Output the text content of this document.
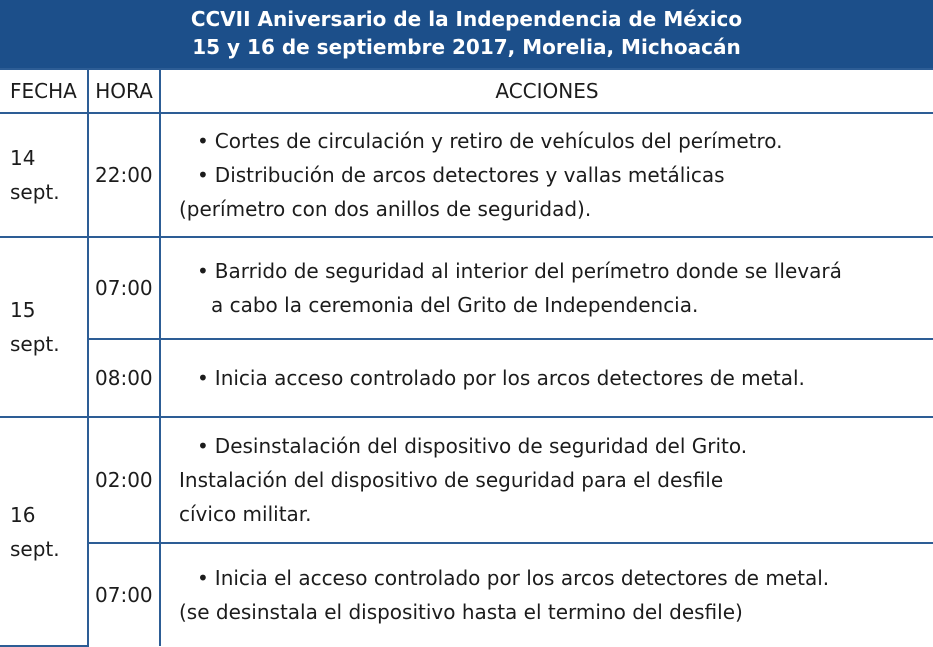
CCVII Aniversario de la Independencia de México
15 y 16 de septiembre 2017, Morelia, Michoacán
FECHA	HORA	ACCIONES

14
sept.	22:00	• Cortes de circulación y retiro de vehículos del perímetro.
• Distribución de arcos detectores y vallas metálicas
(perímetro con dos anillos de seguridad).

15
sept.	07:00	• Barrido de seguridad al interior del perímetro donde se llevará
a cabo la ceremonia del Grito de Independencia.

	08:00	• Inicia acceso controlado por los arcos detectores de metal.

16
sept.	02:00	• Desinstalación del dispositivo de seguridad del Grito.
Instalación del dispositivo de seguridad para el desfile
cívico militar.

	07:00	• Inicia el acceso controlado por los arcos detectores de metal.
(se desinstala el dispositivo hasta el termino del desfile)
